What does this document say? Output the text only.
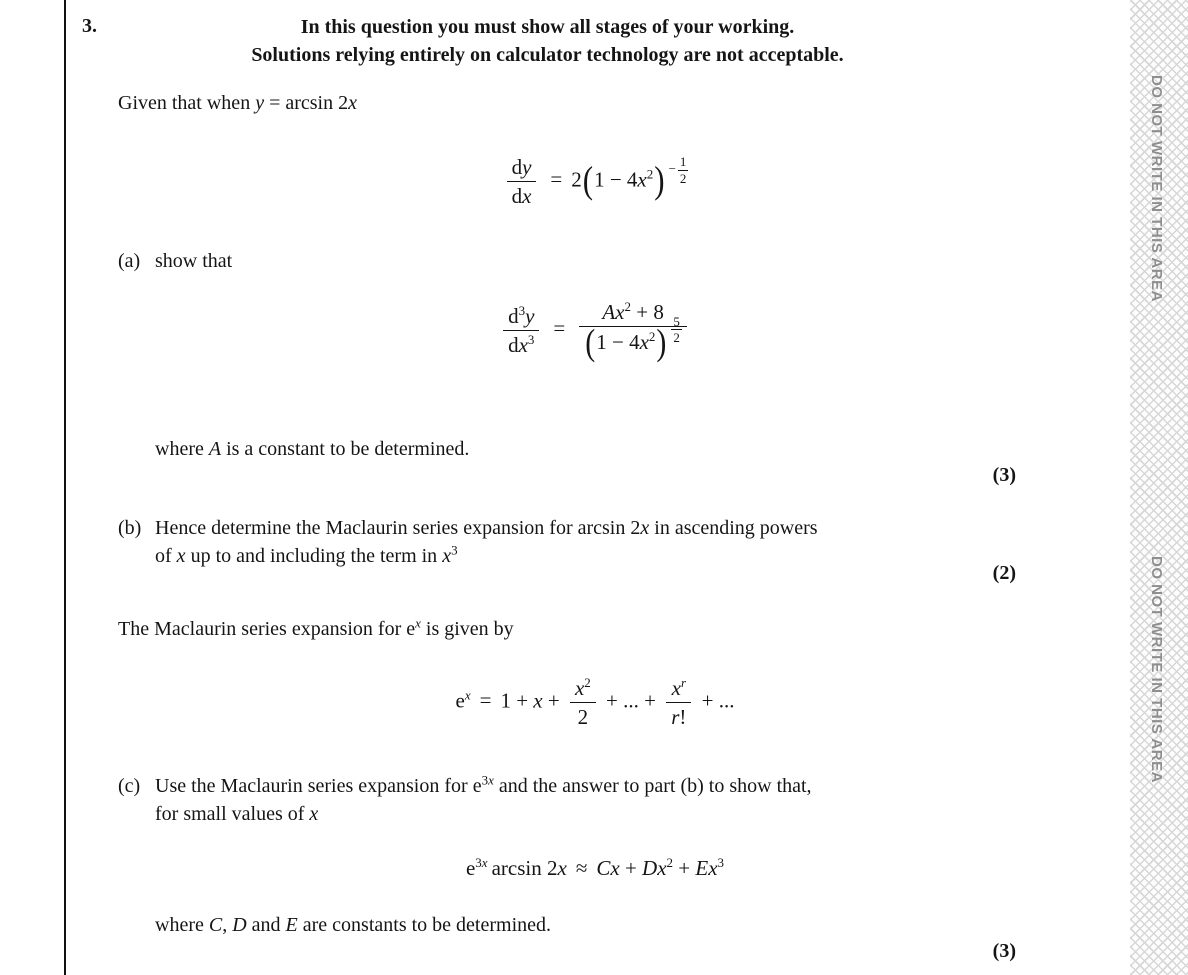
DO NOT WRITE IN THIS AREA
DO NOT WRITE IN THIS AREA
3.	In this question you must show all stages of your working.
Solutions relying entirely on calculator technology are not acceptable.
Given that when y = arcsin 2x
$\frac{dy}{dx} = 2(1 - 4x^2) - \frac{1}{2}$
(a) show that
$\frac{d^3y}{dx^3} = \frac{Ax^2 + 8}{(1 - 4x^2) \frac{5}{2}}$
where A is a constant to be determined.
(3)
(b) Hence determine the Maclaurin series expansion for arcsin 2x in ascending powers
of x up to and including the term in $x^3$
(2)
The Maclaurin series expansion for $e^x$ is given by
$e^x = 1 + x + \frac{x^2}{2}$ + ... + $\frac{x^r}{r!}$ + ...
(c) Use the Maclaurin series expansion for $e^{3x}$ and the answer to part (b) to show that,
for small values of x
$e^{3x}$ $\arcsin 2x \approx Cx + Dx^2 + Ex^3$
where C, D and E are constants to be determined.
(3)
